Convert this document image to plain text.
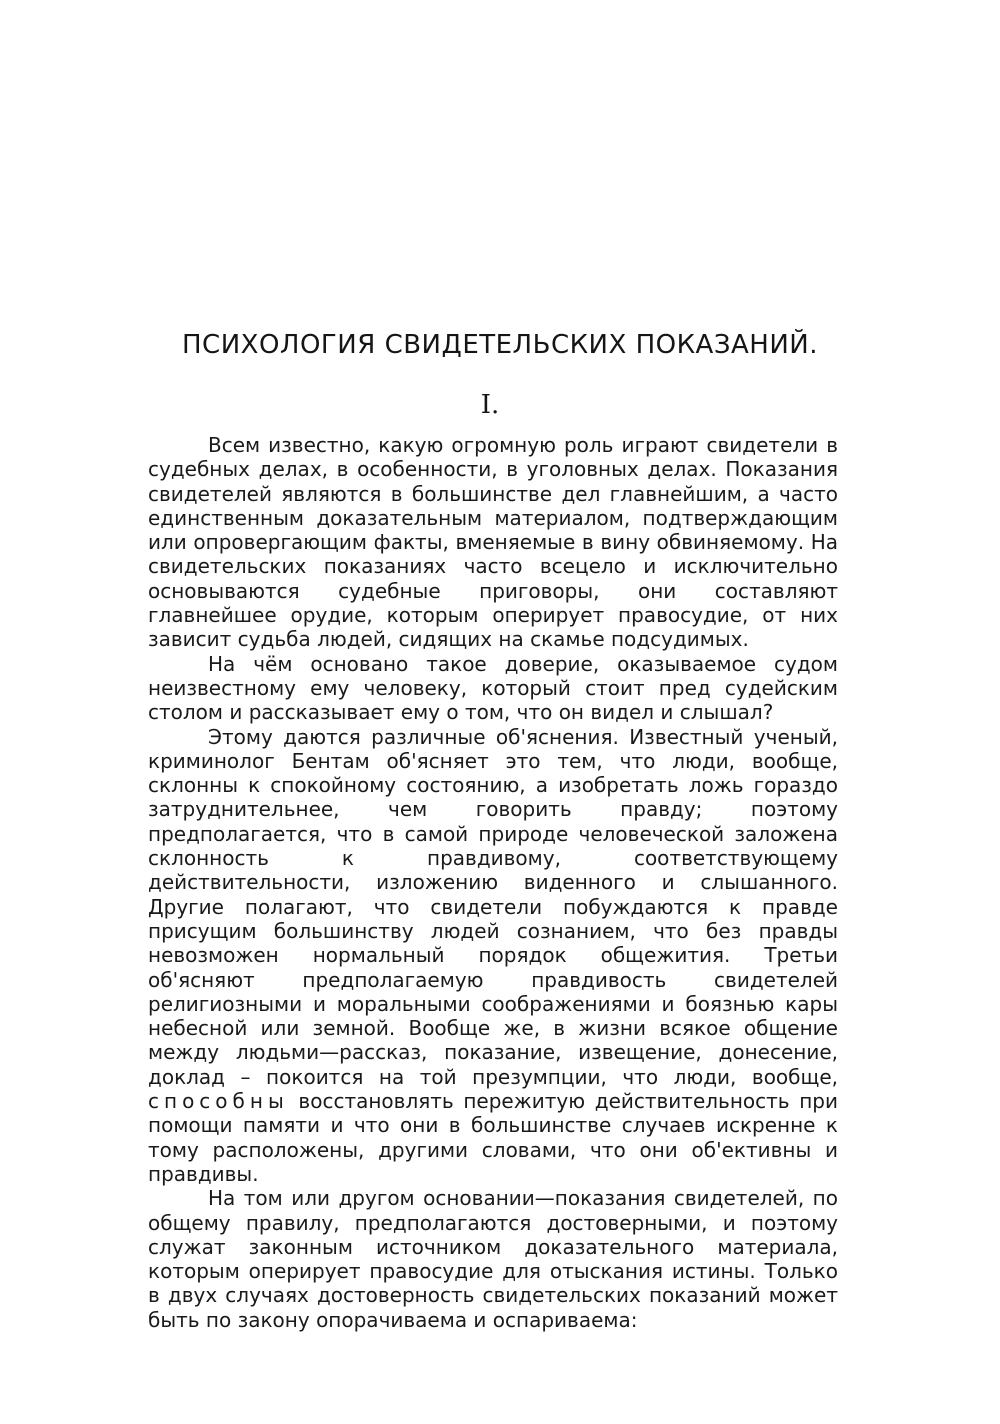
ПСИХОЛОГИЯ СВИДЕТЕЛЬСКИХ ПОКАЗАНИЙ.
I.

Всем известно, какую огромную роль играют свидетели в судебных делах, в особенности, в уголовных делах. Показания свидетелей являются в большинстве дел главнейшим, а часто единственным доказательным материалом, подтверждающим или опровергающим факты, вменяемые в вину обвиняемому. На свидетельских показаниях часто всецело и исключительно основываются судебные приговоры, они составляют главнейшее орудие, которым оперирует правосудие, от них зависит судьба людей, сидящих на скамье подсудимых.

На чём основано такое доверие, оказываемое судом неизвестному ему человеку, который стоит пред судейским столом и рассказывает ему о том, что он видел и слышал?

Этому даются различные об'яснения. Известный ученый, криминолог Бентам об'ясняет это тем, что люди, вообще, склонны к спокойному состоянию, а изобретать ложь гораздо затруднительнее, чем говорить правду; поэтому предполагается, что в самой природе человеческой заложена склонность к правдивому, соответствующему действительности, изложению виденного и слышанного. Другие полагают, что свидетели побуждаются к правде присущим большинству людей сознанием, что без правды невозможен нормальный порядок общежития. Третьи об'ясняют предполагаемую правдивость свидетелей религиозными и моральными соображениями и боязнью кары небесной или земной. Вообще же, в жизни всякое общение между людьми—рассказ, показание, извещение, донесение, доклад – покоится на той презумпции, что люди, вообще, способны восстановлять пережитую действительность при помощи памяти и что они в большинстве случаев искренне к тому расположены, другими словами, что они об'ективны и правдивы.

На том или другом основании—показания свидетелей, по общему правилу, предполагаются достоверными, и поэтому служат законным источником доказательного материала, которым оперирует правосудие для отыскания истины. Только в двух случаях достоверность свидетельских показаний может быть по закону опорачиваема и оспариваема:
